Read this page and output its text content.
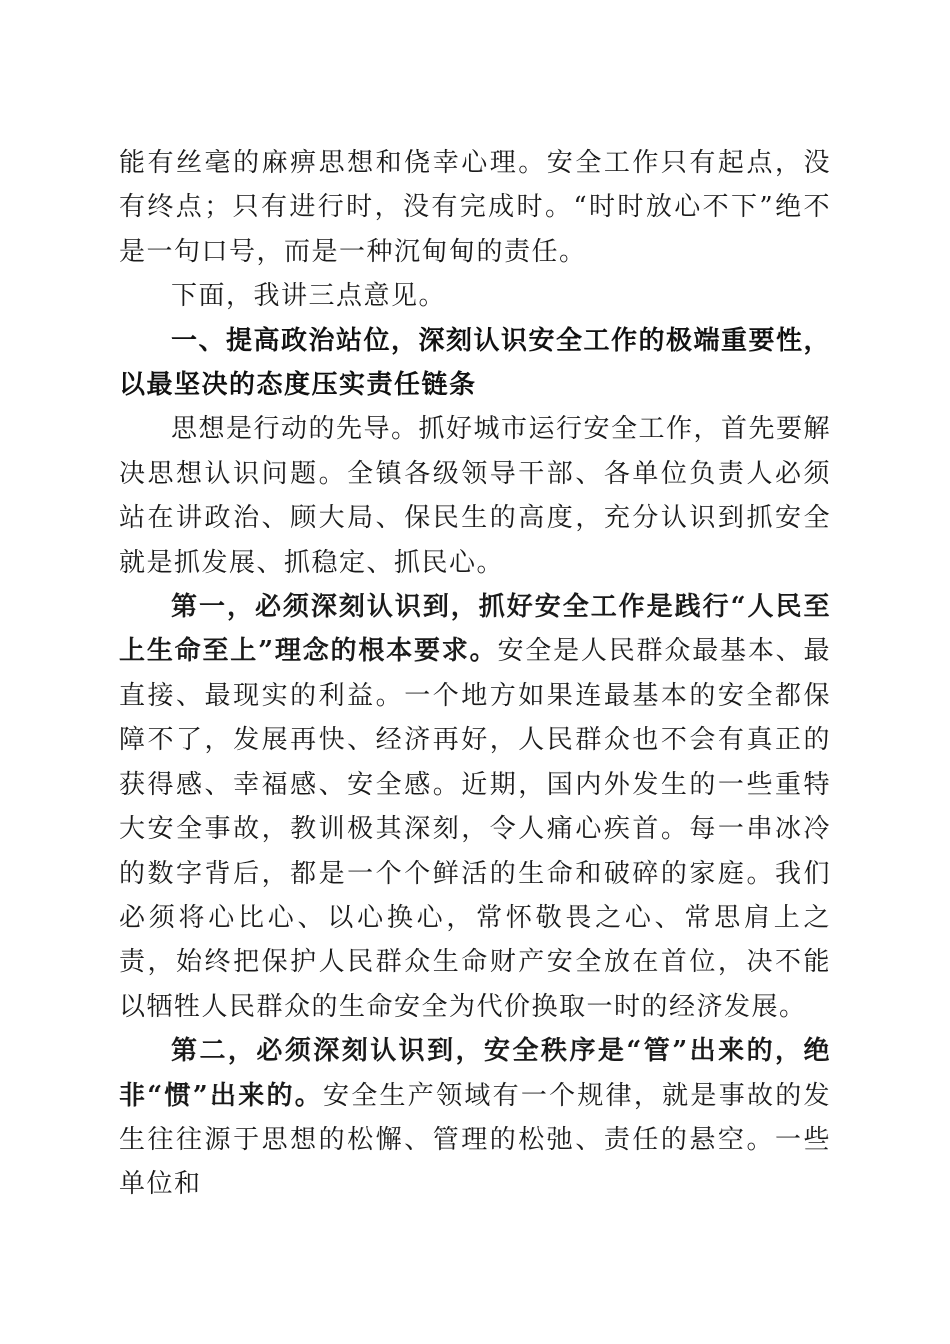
能有丝毫的麻痹思想和侥幸心理。安全工作只有起点，没有终点；只有进行时，没有完成时。“时时放心不下”绝不是一句口号，而是一种沉甸甸的责任。

下面，我讲三点意见。

一、提高政治站位，深刻认识安全工作的极端重要性，以最坚决的态度压实责任链条

思想是行动的先导。抓好城市运行安全工作，首先要解决思想认识问题。全镇各级领导干部、各单位负责人必须站在讲政治、顾大局、保民生的高度，充分认识到抓安全就是抓发展、抓稳定、抓民心。

第一，必须深刻认识到，抓好安全工作是践行“人民至上生命至上”理念的根本要求。安全是人民群众最基本、最直接、最现实的利益。一个地方如果连最基本的安全都保障不了，发展再快、经济再好，人民群众也不会有真正的获得感、幸福感、安全感。近期，国内外发生的一些重特大安全事故，教训极其深刻，令人痛心疾首。每一串冰冷的数字背后，都是一个个鲜活的生命和破碎的家庭。我们必须将心比心、以心换心，常怀敬畏之心、常思肩上之责，始终把保护人民群众生命财产安全放在首位，决不能以牺牲人民群众的生命安全为代价换取一时的经济发展。

第二，必须深刻认识到，安全秩序是“管”出来的，绝非“惯”出来的。安全生产领域有一个规律，就是事故的发生往往源于思想的松懈、管理的松弛、责任的悬空。一些单位和
